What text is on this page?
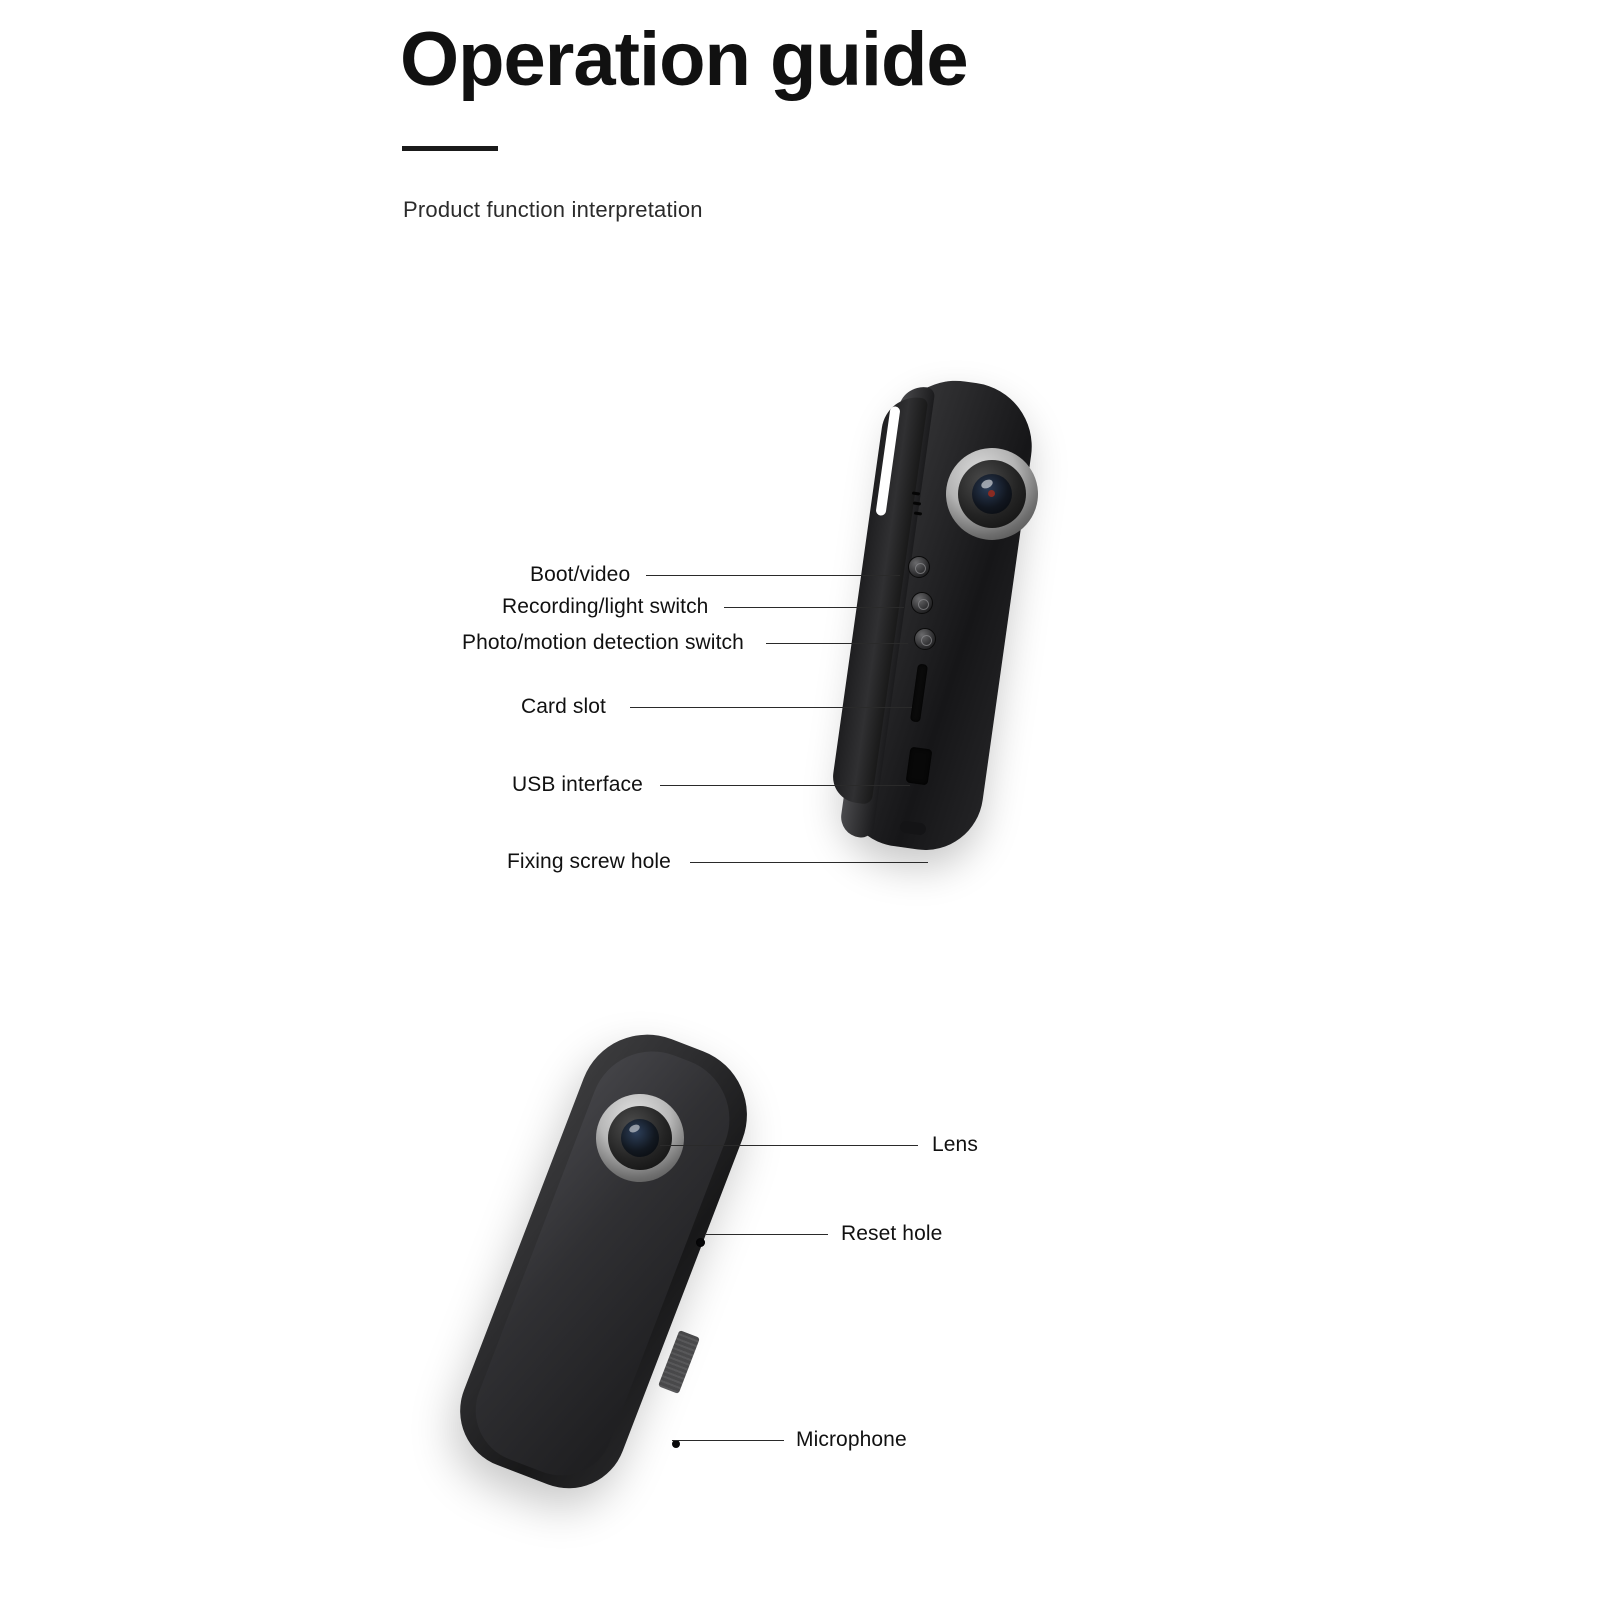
Operation guide
Product function interpretation
Boot/video
Recording/light switch
Photo/motion detection switch
Card slot
USB interface
Fixing screw hole
Lens
Reset hole
Microphone
